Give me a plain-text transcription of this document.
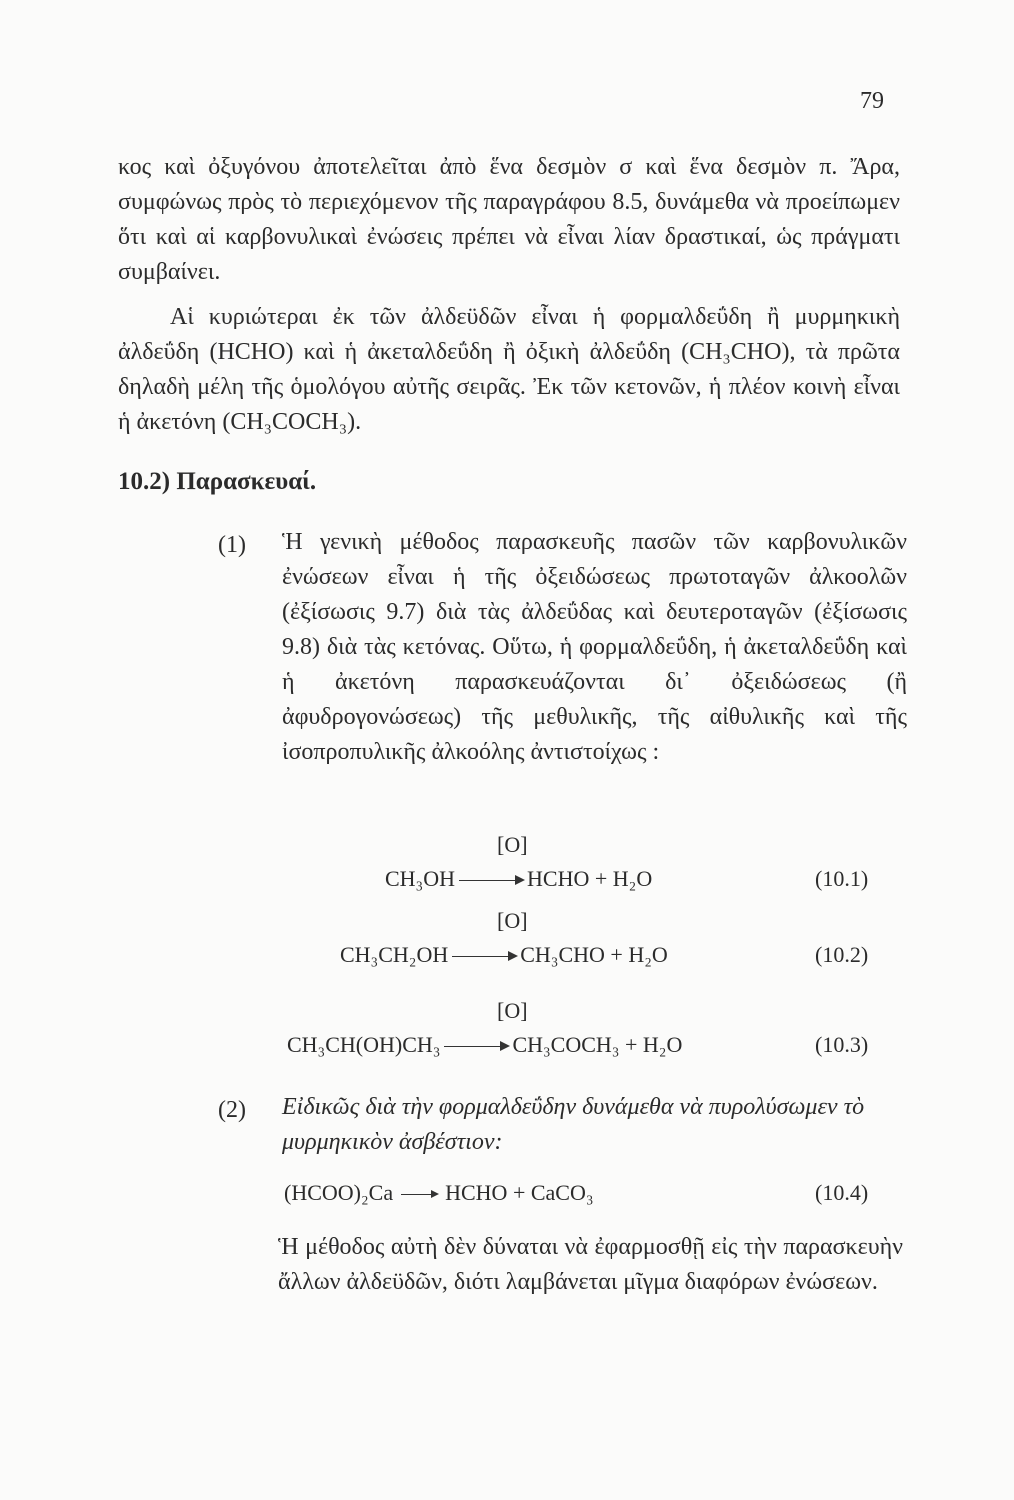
79
κος καὶ ὀξυγόνου ἀποτελεῖται ἀπὸ ἕνα δεσμὸν σ καὶ ἕνα δεσμὸν π. Ἄρα, συμφώνως πρὸς τὸ περιεχόμενον τῆς παραγράφου 8.5, δυνάμεθα νὰ προείπωμεν ὅτι καὶ αἱ καρβονυλικαὶ ἐνώσεις πρέπει νὰ εἶναι λίαν δραστικαί, ὡς πράγματι συμβαίνει.
Αἱ κυριώτεραι ἐκ τῶν ἀλδεϋδῶν εἶναι ἡ φορμαλδεΰδη ἢ μυρμηκικὴ ἀλδεΰδη (HCHO) καὶ ἡ ἀκεταλδεΰδη ἢ ὀξικὴ ἀλδεΰδη (CH₃CHO), τὰ πρῶτα δηλαδὴ μέλη τῆς ὁμολόγου αὐτῆς σειρᾶς. Ἐκ τῶν κετονῶν, ἡ πλέον κοινὴ εἶναι ἡ ἀκετόνη (CH₃COCH₃).
10.2) Παρασκευαί.
(1) Ἡ γενικὴ μέθοδος παρασκευῆς πασῶν τῶν καρβονυλικῶν ἐνώσεων εἶναι ἡ τῆς ὀξειδώσεως πρωτοταγῶν ἀλκοολῶν (ἐξίσωσις 9.7) διὰ τὰς ἀλδεΰδας καὶ δευτεροταγῶν (ἐξίσωσις 9.8) διὰ τὰς κετόνας. Οὕτω, ἡ φορμαλδεΰδη, ἡ ἀκεταλδεΰδη καὶ ἡ ἀκετόνη παρασκευάζονται δι᾿ ὀξειδώσεως (ἢ ἀφυδρογονώσεως) τῆς μεθυλικῆς, τῆς αἰθυλικῆς καὶ τῆς ἰσοπροπυλικῆς ἀλκοόλης ἀντιστοίχως :
[O]
CH₃OH → HCHO + H₂O	(10.1)
[O]
CH₃CH₂OH → CH₃CHO + H₂O	(10.2)
[O]
CH₃CH(OH)CH₃ → CH₃COCH₃ + H₂O	(10.3)
(2) Εἰδικῶς διὰ τὴν φορμαλδεΰδην δυνάμεθα νὰ πυρολύσωμεν τὸ μυρμηκικὸν ἀσβέστιον:
(HCOO)₂Ca → HCHO + CaCO₃	(10.4)
Ἡ μέθοδος αὐτὴ δὲν δύναται νὰ ἐφαρμοσθῇ εἰς τὴν παρασκευὴν ἄλλων ἀλδεϋδῶν, διότι λαμβάνεται μῖγμα διαφόρων ἐνώσεων.
